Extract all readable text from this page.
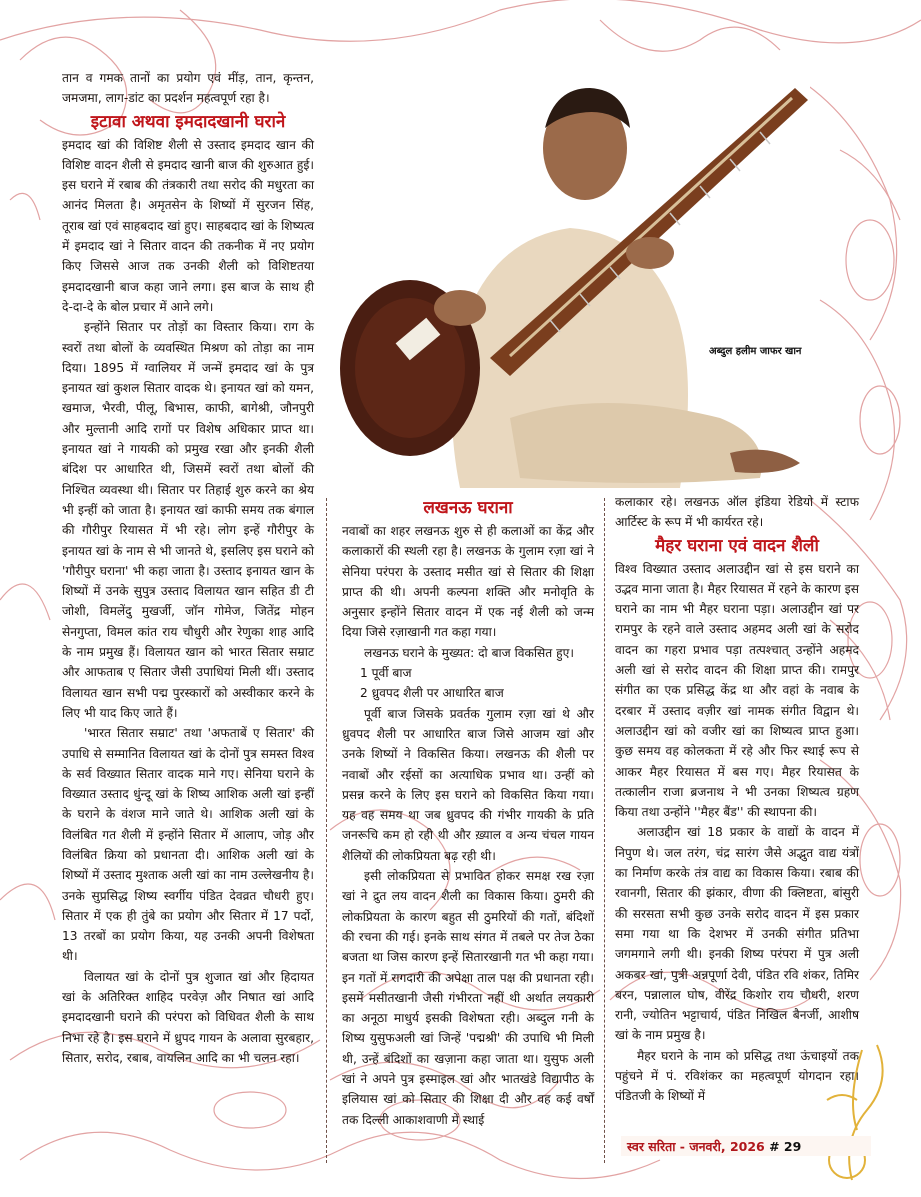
अब्दुल हलीम जाफर खान

तान व गमक तानों का प्रयोग एवं मींड़, तान, कृन्तन, जमजमा, लाग-डांट का प्रदर्शन महत्वपूर्ण रहा है।

इटावा अथवा इमदादखानी घराने

इमदाद खां की विशिष्ट शैली से उस्ताद इमदाद खान की विशिष्ट वादन शैली से इमदाद खानी बाज की शुरुआत हुई। इस घराने में रबाब की तंत्रकारी तथा सरोद की मधुरता का आनंद मिलता है। अमृतसेन के शिष्यों में सुरजन सिंह, तूराब खां एवं साहबदाद खां हुए। साहबदाद खां के शिष्यत्व में इमदाद खां ने सितार वादन की तकनीक में नए प्रयोग किए जिससे आज तक उनकी शैली को विशिष्टतया इमदादखानी बाज कहा जाने लगा। इस बाज के साथ ही दे-दा-दे के बोल प्रचार में आने लगे।

इन्होंने सितार पर तोड़ों का विस्तार किया। राग के स्वरों तथा बोलों के व्यवस्थित मिश्रण को तोड़ा का नाम दिया। 1895 में ग्वालियर में जन्में इमदाद खां के पुत्र इनायत खां कुशल सितार वादक थे। इनायत खां को यमन, खमाज, भैरवी, पीलू, बिभास, काफी, बागेश्री, जौनपुरी और मुल्तानी आदि रागों पर विशेष अधिकार प्राप्त था। इनायत खां ने गायकी को प्रमुख रखा और इनकी शैली बंदिश पर आधारित थी, जिसमें स्वरों तथा बोलों की निश्चित व्यवस्था थी। सितार पर तिहाई शुरु करने का श्रेय भी इन्हीं को जाता है। इनायत खां काफी समय तक बंगाल की गौरीपुर रियासत में भी रहे। लोग इन्हें गौरीपुर के इनायत खां के नाम से भी जानते थे, इसलिए इस घराने को 'गौरीपुर घराना' भी कहा जाता है। उस्ताद इनायत खान के शिष्यों में उनके सुपुत्र उस्ताद विलायत खान सहित डी टी जोशी, विमलेंदु मुखर्जी, जॉन गोमेज, जितेंद्र मोहन सेनगुप्ता, विमल कांत राय चौधुरी और रेणुका शाह आदि के नाम प्रमुख हैं। विलायत खान को भारत सितार सम्राट और आफताब ए सितार जैसी उपाधियां मिली थीं। उस्ताद विलायत खान सभी पद्म पुरस्कारों को अस्वीकार करने के लिए भी याद किए जाते हैं।

'भारत सितार सम्राट' तथा 'अफताबें ए सितार' की उपाधि से सम्मानित विलायत खां के दोनों पुत्र समस्त विश्व के सर्व विख्यात सितार वादक माने गए। सेनिया घराने के विख्यात उस्ताद धुंन्दू खां के शिष्य आशिक अली खां इन्हीं के घराने के वंशज माने जाते थे। आशिक अली खां के विलंबित गत शैली में इन्होंने सितार में आलाप, जोड़ और विलंबित क्रिया को प्रधानता दी। आशिक अली खां के शिष्यों में उस्ताद मुश्ताक अली खां का नाम उल्लेखनीय है। उनके सुप्रसिद्ध शिष्य स्वर्गीय पंडित देवव्रत चौधरी हुए। सितार में एक ही तुंबे का प्रयोग और सितार में 17 पर्दो, 13 तरबों का प्रयोग किया, यह उनकी अपनी विशेषता थी।

विलायत खां के दोनों पुत्र शुजात खां और हिदायत खां के अतिरिक्त शाहिद परवेज़ और निषात खां आदि इमदादखानी घराने की परंपरा को विधिवत शैली के साथ निभा रहे है। इस घराने में ध्रुपद गायन के अलावा सुरबहार, सितार, सरोद, रबाब, वायलिन आदि का भी चलन रहा।

लखनऊ घराना

नवाबों का शहर लखनऊ शुरु से ही कलाओं का केंद्र और कलाकारों की स्थली रहा है। लखनऊ के गुलाम रज़ा खां ने सेनिया परंपरा के उस्ताद मसीत खां से सितार की शिक्षा प्राप्त की थी। अपनी कल्पना शक्ति और मनोवृति के अनुसार इन्होंने सितार वादन में एक नई शैली को जन्म दिया जिसे रज़ाखानी गत कहा गया।

लखनऊ घराने के मुख्यत: दो बाज विकसित हुए।

1 पूर्वी बाज

2 ध्रुवपद शैली पर आधारित बाज

पूर्वी बाज जिसके प्रवर्तक गुलाम रज़ा खां थे और ध्रुवपद शैली पर आधारित बाज जिसे आजम खां और उनके शिष्यों ने विकसित किया। लखनऊ की शैली पर नवाबों और रईसों का अत्याधिक प्रभाव था। उन्हीं को प्रसन्न करने के लिए इस घराने को विकसित किया गया। यह वह समय था जब ध्रुवपद की गंभीर गायकी के प्रति जनरूचि कम हो रही थी और ख़्याल व अन्य चंचल गायन शैलियों की लोकप्रियता बढ़ रही थी।

इसी लोकप्रियता से प्रभावित होकर समक्ष रख रज़ा खां ने द्रुत लय वादन शैली का विकास किया। ठुमरी की लोकप्रियता के कारण बहुत सी ठुमरियों की गतों, बंदिशों की रचना की गई। इनके साथ संगत में तबले पर तेज ठेका बजता था जिस कारण इन्हें सितारखानी गत भी कहा गया। इन गतों में रागदारी की अपेक्षा ताल पक्ष की प्रधानता रही। इसमें मसीतखानी जैसी गंभीरता नहीं थी अर्थात लयकारी का अनूठा माधुर्य इसकी विशेषता रही। अब्दुल गनी के शिष्य युसुफअली खां जिन्हें 'पद्मश्री' की उपाधि भी मिली थी, उन्हें बंदिशों का खज़ाना कहा जाता था। युसुफ अली खां ने अपने पुत्र इस्माइल खां और भातखंडे विद्यापीठ के इलियास खां को सितार की शिक्षा दी और वह कई वर्षों तक दिल्ली आकाशवाणी में स्थाई

कलाकार रहे। लखनऊ ऑल इंडिया रेडियो में स्टाफ आर्टिस्ट के रूप में भी कार्यरत रहे।

मैहर घराना एवं वादन शैली

विश्व विख्यात उस्ताद अलाउद्दीन खां से इस घराने का उद्भव माना जाता है। मैहर रियासत में रहने के कारण इस घराने का नाम भी मैहर घराना पड़ा। अलाउद्दीन खां पर रामपुर के रहने वाले उस्ताद अहमद अली खां के सरोद वादन का गहरा प्रभाव पड़ा तत्पश्चात् उन्होंने अहमद अली खां से सरोद वादन की शिक्षा प्राप्त की। रामपुर संगीत का एक प्रसिद्ध केंद्र था और वहां के नवाब के दरबार में उस्ताद वज़ीर खां नामक संगीत विद्वान थे। अलाउद्दीन खां को वजीर खां का शिष्यत्व प्राप्त हुआ। कुछ समय वह कोलकता में रहे और फिर स्थाई रूप से आकर मैहर रियासत में बस गए। मैहर रियासत के तत्कालीन राजा ब्रजनाथ ने भी उनका शिष्यत्व ग्रहण किया तथा उन्होंने ''मैहर बैंड'' की स्थापना की।

अलाउद्दीन खां 18 प्रकार के वाद्यों के वादन में निपुण थे। जल तरंग, चंद्र सारंग जैसे अद्भुत वाद्य यंत्रों का निर्माण करके तंत्र वाद्य का विकास किया। रबाब की रवानगी, सितार की झंकार, वीणा की क्लिष्टता, बांसुरी की सरसता सभी कुछ उनके सरोद वादन में इस प्रकार समा गया था कि देशभर में उनकी संगीत प्रतिभा जगमगाने लगी थी। इनकी शिष्य परंपरा में पुत्र अली अकबर खां, पुत्री अन्नपूर्णा देवी, पंडित रवि शंकर, तिमिर बरन, पन्नालाल घोष, वीरेंद्र किशोर राय चौधरी, शरण रानी, ज्योतिन भट्टाचार्य, पंडित निखिल बैनर्जी, आशीष खां के नाम प्रमुख है।

मैहर घराने के नाम को प्रसिद्ध तथा ऊंचाइयों तक पहुंचने में पं. रविशंकर का महत्वपूर्ण योगदान रहा। पंडितजी के शिष्यों में

स्वर सरिता - जनवरी, 2026 # 29
